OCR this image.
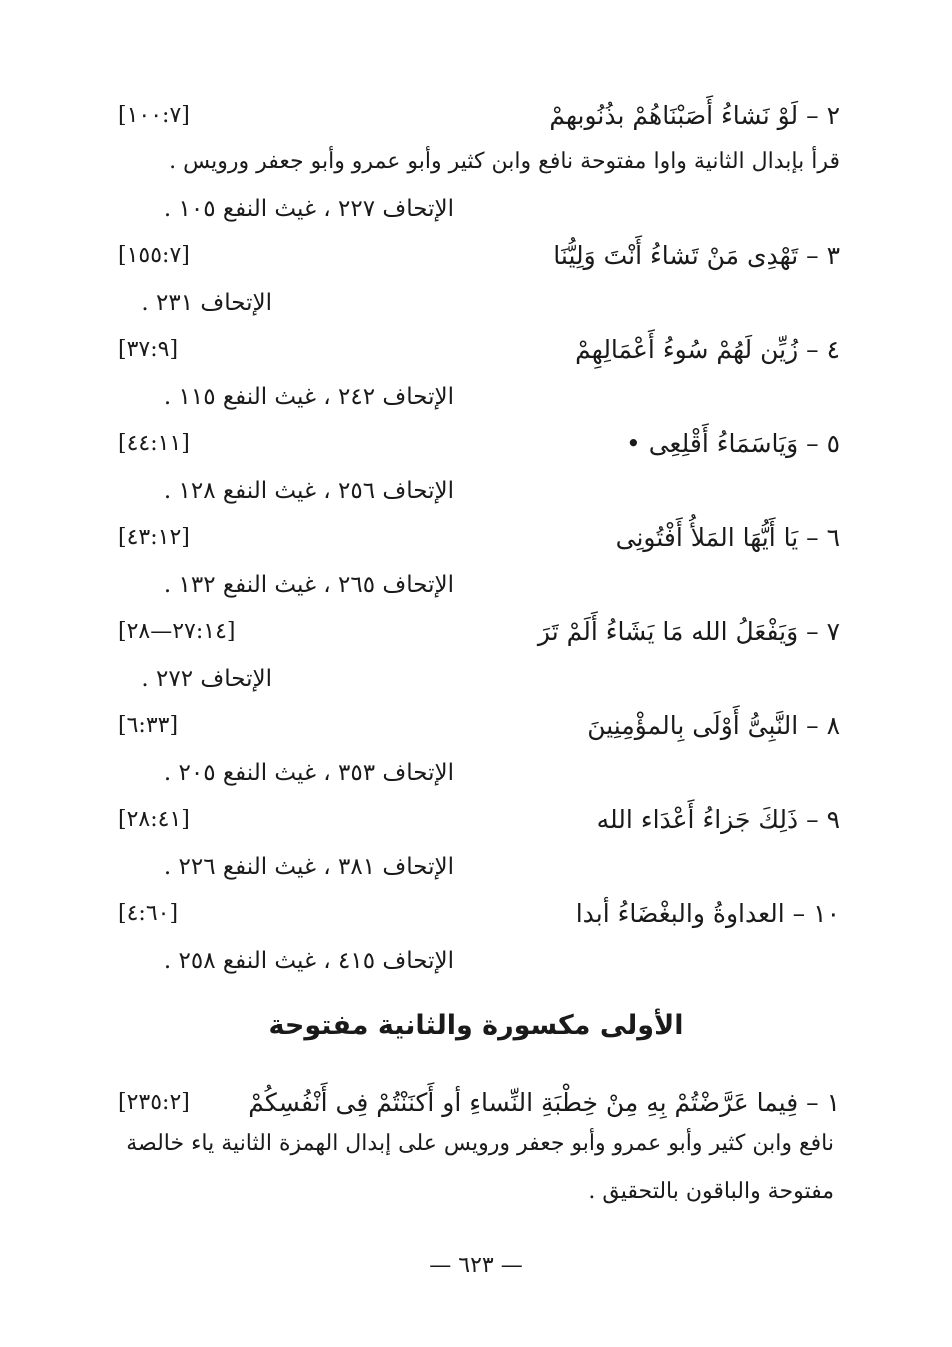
٢ – لَوْ نَشاءُ أَصَبْنَاهُمْ بذُنُوبهمْ
[١٠٠:٧]
قرأ بإبدال الثانية واوا مفتوحة نافع وابن كثير وأبو عمرو وأبو جعفر ورويس .
الإتحاف ٢٢٧ ، غيث النفع ١٠٥ .
٣ – تَهْدِى مَنْ تَشاءُ أَنْتَ وَلِيُّنَا
[١٥٥:٧]
الإتحاف ٢٣١ .
٤ – زُيِّن لَهُمْ سُوءُ أَعْمَالِهِمْ
[٣٧:٩]
الإتحاف ٢٤٢ ، غيث النفع ١١٥ .
٥ – وَيَاسَمَاءُ أَقْلِعِى •
[٤٤:١١]
الإتحاف ٢٥٦ ، غيث النفع ١٢٨ .
٦ – يَا أَيُّهَا المَلأُ أَفْتُونِى
[٤٣:١٢]
الإتحاف ٢٦٥ ، غيث النفع ١٣٢ .
٧ – وَيَفْعَلُ الله مَا يَشَاءُ أَلَمْ تَرَ
[٢٧:١٤—٢٨]
الإتحاف ٢٧٢ .
٨ – النَّبِىُّ أَوْلَى بِالمؤْمِنِينَ
[٦:٣٣]
الإتحاف ٣٥٣ ، غيث النفع ٢٠٥ .
٩ – ذَلِكَ جَزاءُ أَعْدَاء الله
[٢٨:٤١]
الإتحاف ٣٨١ ، غيث النفع ٢٢٦ .
١٠ – العداوةُ والبغْضَاءُ أبدا
[٤:٦٠]
الإتحاف ٤١٥ ، غيث النفع ٢٥٨ .
الأولى مكسورة والثانية مفتوحة
١ – فِيما عَرَّضْتُمْ بِهِ مِنْ خِطْبَةِ النِّساءِ أو أَكنَنْتُمْ فِى أَنْفُسِكُمْ
[٢٣٥:٢]
نافع وابن كثير وأبو عمرو وأبو جعفر ورويس على إبدال الهمزة الثانية ياء خالصة
مفتوحة والباقون بالتحقيق .
— ٦٢٣ —
